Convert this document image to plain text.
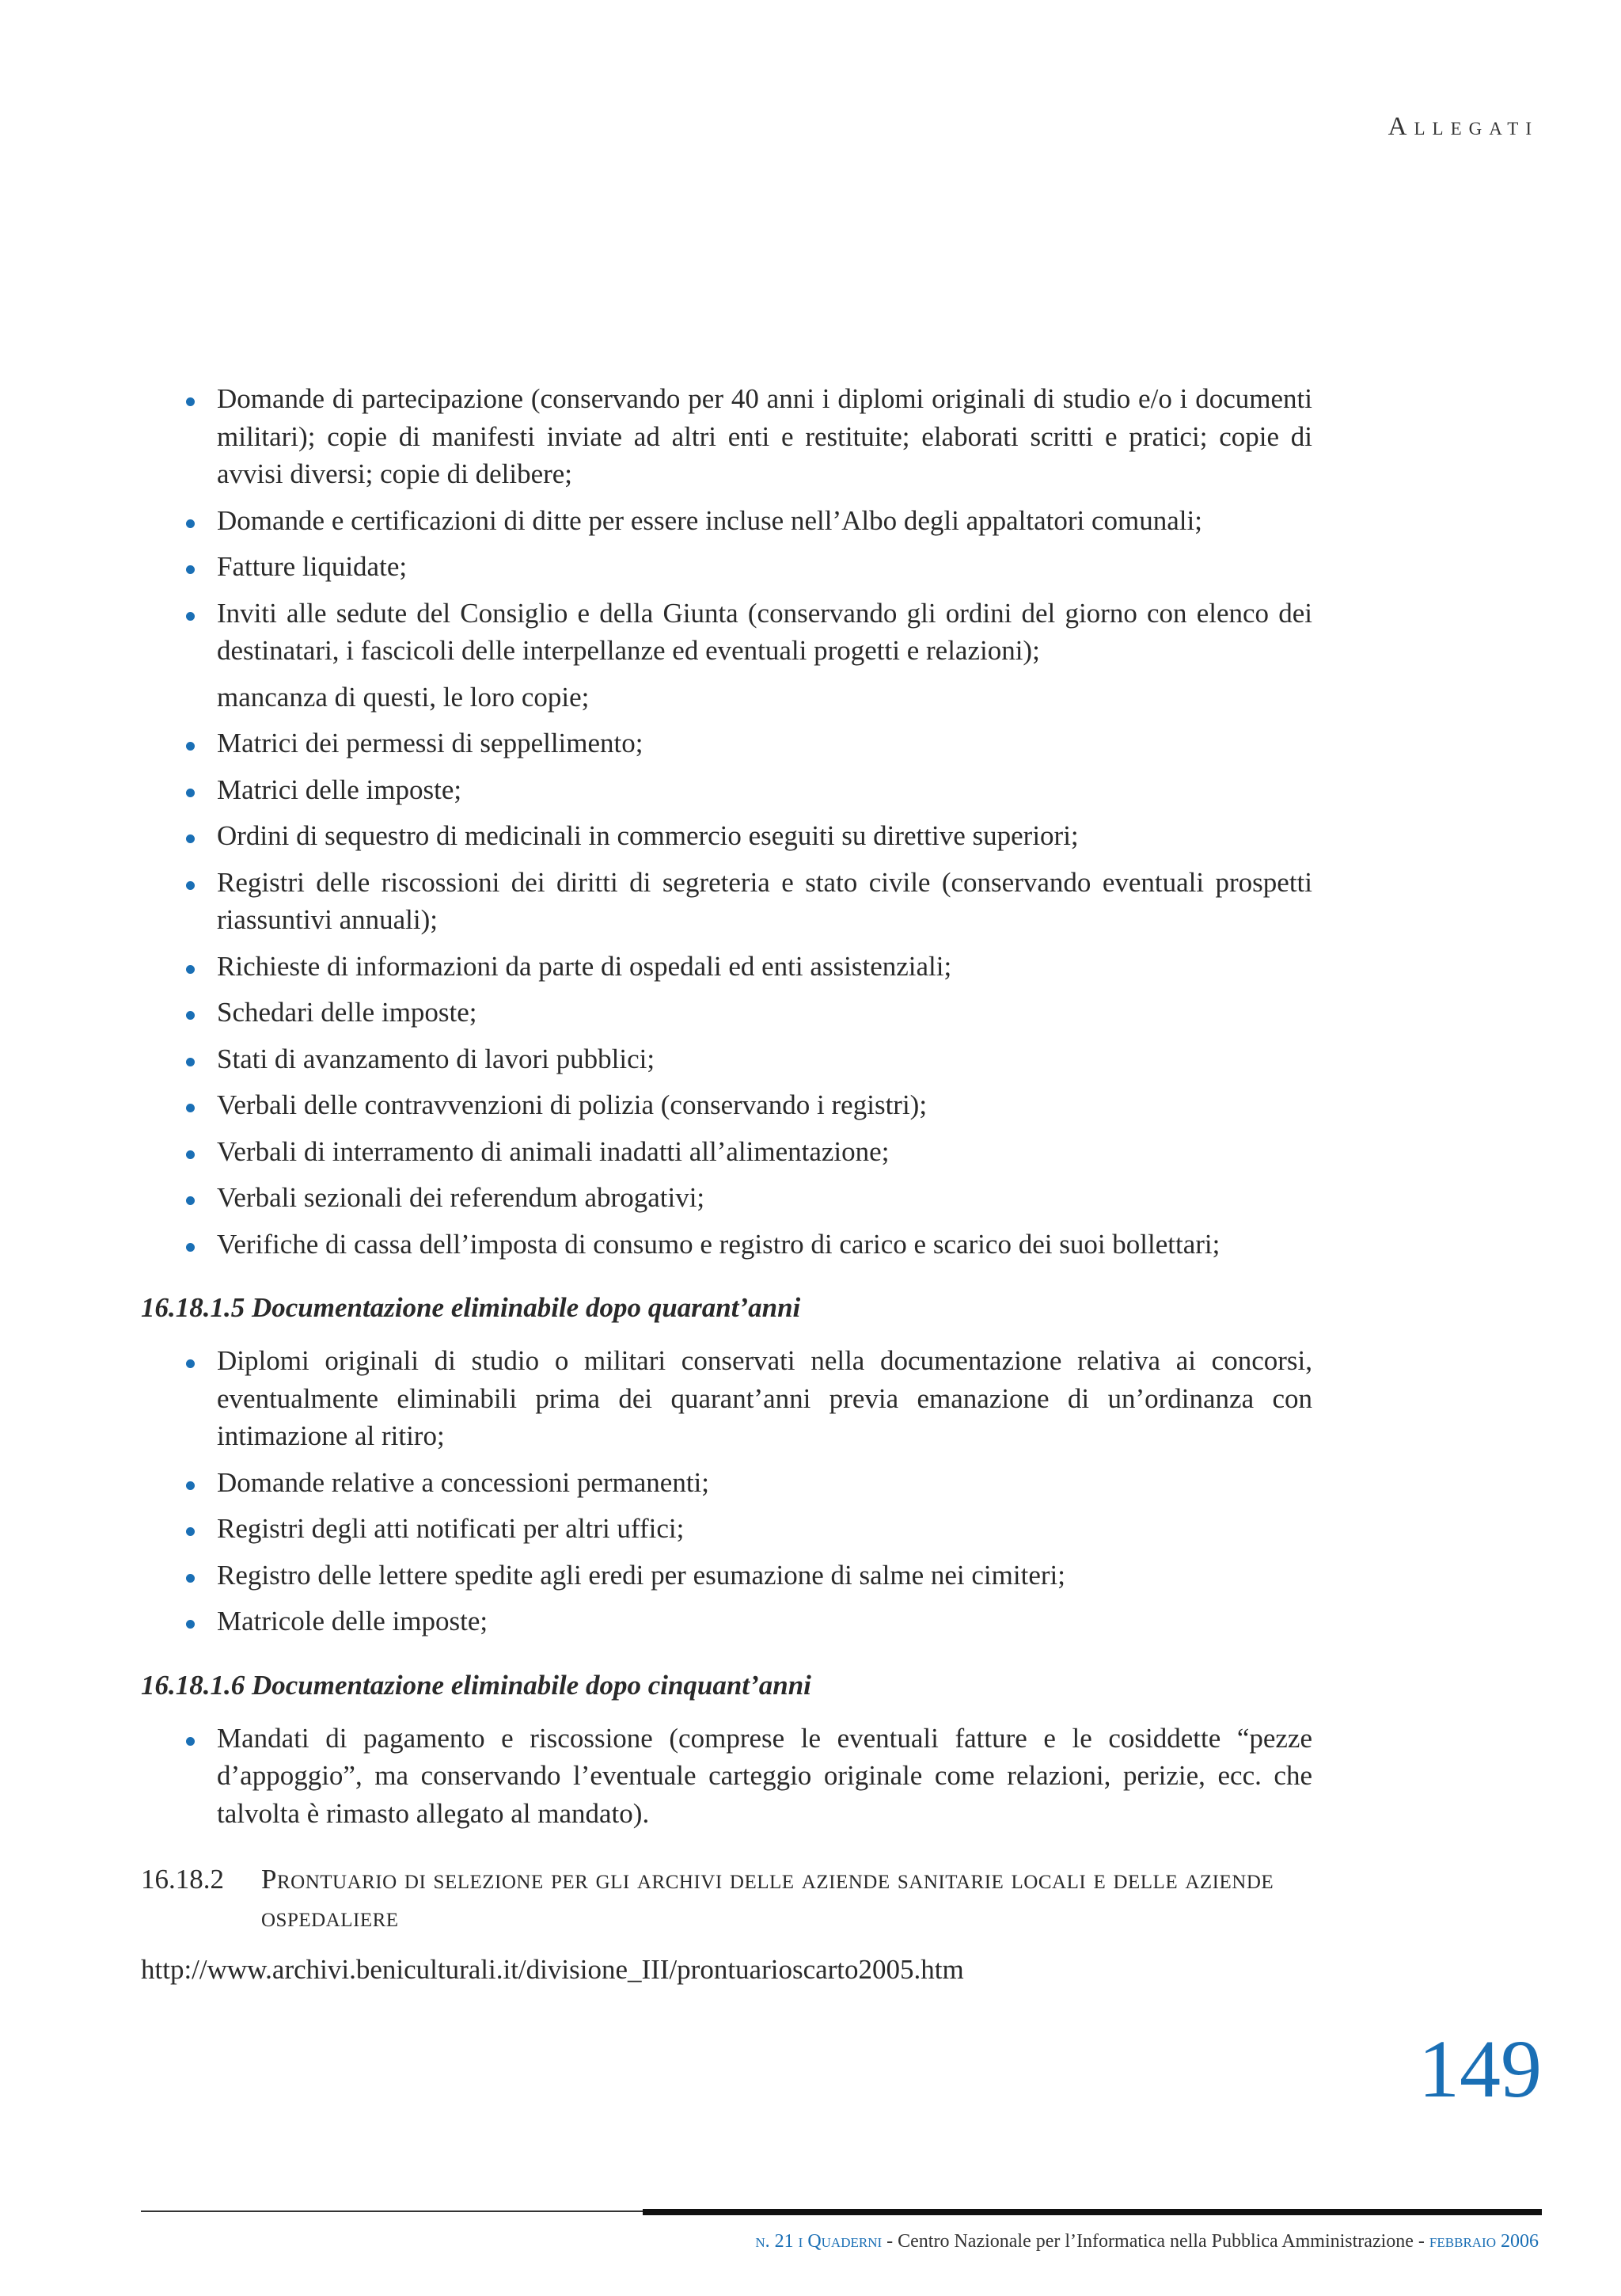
Allegati
Domande di partecipazione (conservando per 40 anni i diplomi originali di studio e/o i documenti militari); copie di manifesti inviate ad altri enti e restituite; elaborati scritti e pratici; copie di avvisi diversi; copie di delibere;
Domande e certificazioni di ditte per essere incluse nell’Albo degli appaltatori comunali;
Fatture liquidate;
Inviti alle sedute del Consiglio e della Giunta (conservando gli ordini del giorno con elenco dei destinatari, i fascicoli delle interpellanze ed eventuali progetti e relazioni);
mancanza di questi, le loro copie;
Matrici dei permessi di seppellimento;
Matrici delle imposte;
Ordini di sequestro di medicinali in commercio eseguiti su direttive superiori;
Registri delle riscossioni dei diritti di segreteria e stato civile (conservando eventuali prospetti riassuntivi annuali);
Richieste di informazioni da parte di ospedali ed enti assistenziali;
Schedari delle imposte;
Stati di avanzamento di lavori pubblici;
Verbali delle contravvenzioni di polizia (conservando i registri);
Verbali di interramento di animali inadatti all’alimentazione;
Verbali sezionali dei referendum abrogativi;
Verifiche di cassa dell’imposta di consumo e registro di carico e scarico dei suoi bollettari;
16.18.1.5 Documentazione eliminabile dopo quarant’anni
Diplomi originali di studio o militari conservati nella documentazione relativa ai concorsi, eventualmente eliminabili prima dei quarant’anni previa emanazione di un’ordinanza con intimazione al ritiro;
Domande relative a concessioni permanenti;
Registri degli atti notificati per altri uffici;
Registro delle lettere spedite agli eredi per esumazione di salme nei cimiteri;
Matricole delle imposte;
16.18.1.6 Documentazione eliminabile dopo cinquant’anni
Mandati di pagamento e riscossione (comprese le eventuali fatture e le cosiddette “pezze d’appoggio”, ma conservando l’eventuale carteggio originale come relazioni, perizie, ecc. che talvolta è rimasto allegato al mandato).
16.18.2	Prontuario di selezione per gli archivi delle aziende sanitarie locali e delle aziende ospedaliere
http://www.archivi.beniculturali.it/divisione_III/prontuarioscarto2005.htm
149
n. 21 i Quaderni - Centro Nazionale per l’Informatica nella Pubblica Amministrazione - febbraio 2006
